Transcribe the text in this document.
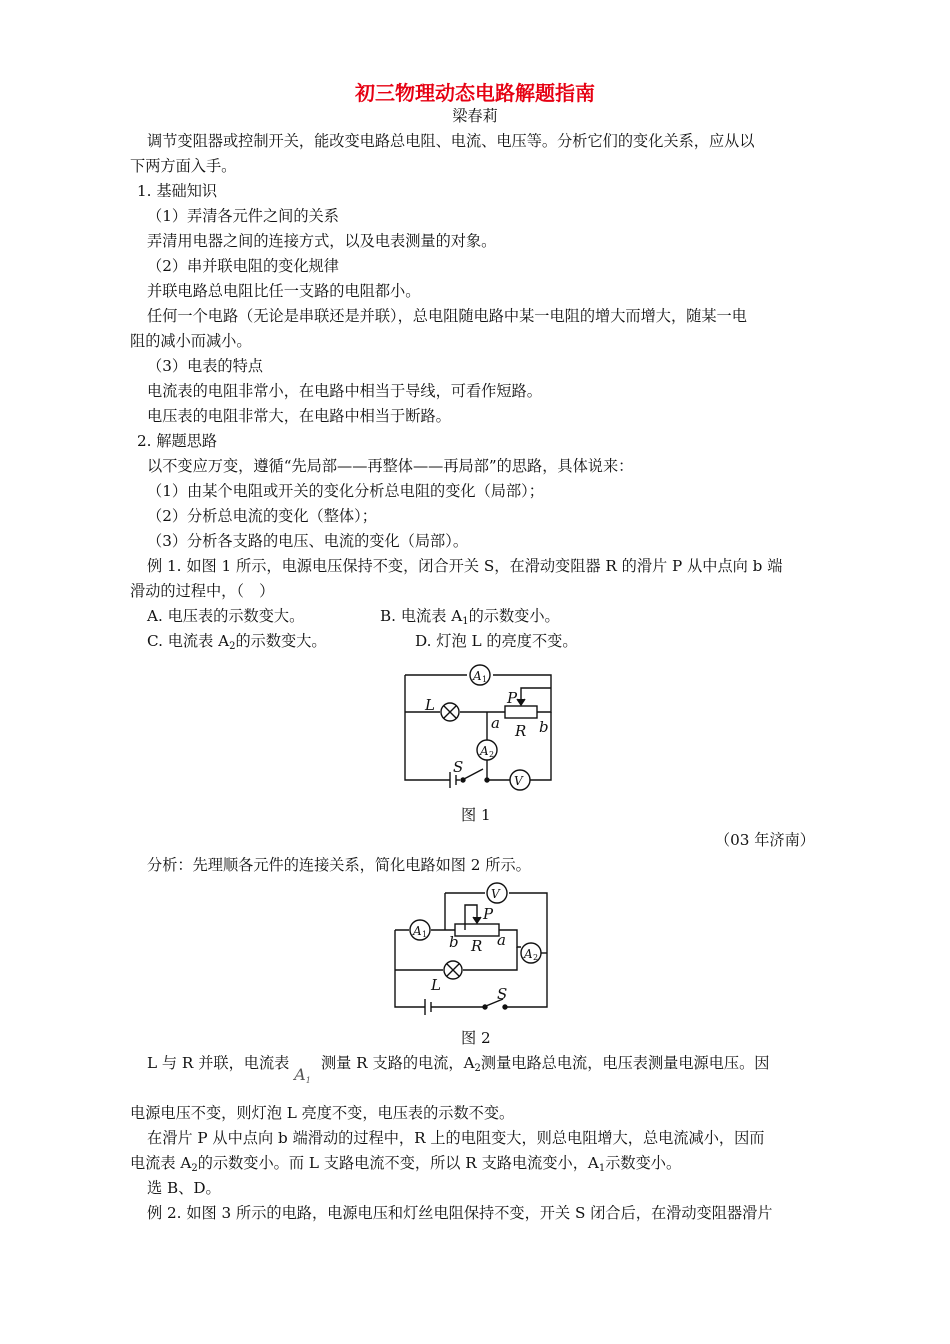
初三物理动态电路解题指南
梁春莉
调节变阻器或控制开关，能改变电路总电阻、电流、电压等。分析它们的变化关系，应从以
下两方面入手。
1. 基础知识
（1）弄清各元件之间的关系
弄清用电器之间的连接方式，以及电表测量的对象。
（2）串并联电阻的变化规律
并联电路总电阻比任一支路的电阻都小。
任何一个电路（无论是串联还是并联），总电阻随电路中某一电阻的增大而增大，随某一电
阻的减小而减小。
（3）电表的特点
电流表的电阻非常小，在电路中相当于导线，可看作短路。
电压表的电阻非常大，在电路中相当于断路。
2. 解题思路
以不变应万变，遵循“先局部——再整体——再局部”的思路，具体说来：
（1）由某个电阻或开关的变化分析总电阻的变化（局部）；
（2）分析总电流的变化（整体）；
（3）分析各支路的电压、电流的变化（局部）。
例 1. 如图 1 所示，电源电压保持不变，闭合开关 S，在滑动变阻器 R 的滑片 P 从中点向 b 端
滑动的过程中，（　）
A. 电压表的示数变大。	B. 电流表 $A_1$的示数变小。
C. 电流表 $A_2$的示数变大。	D. 灯泡 L 的亮度不变。
A 1
L	P
R
a	b
A 2
S
V
图 1
（03 年济南）
分析：先理顺各元件的连接关系，简化电路如图 2 所示。
V
A 1
P
R
b	a
A 2
L	S
图 2
L 与 R 并联，电流表 $A_1$ 测量 R 支路的电流，$A_2$测量电路总电流，电压表测量电源电压。因
电源电压不变，则灯泡 L 亮度不变，电压表的示数不变。
在滑片 P 从中点向 b 端滑动的过程中，R 上的电阻变大，则总电阻增大，总电流减小，因而
电流表 $A_2$的示数变小。而 L 支路电流不变，所以 R 支路电流变小，$A_1$示数变小。
选 B、D。
例 2. 如图 3 所示的电路，电源电压和灯丝电阻保持不变，开关 S 闭合后，在滑动变阻器滑片
